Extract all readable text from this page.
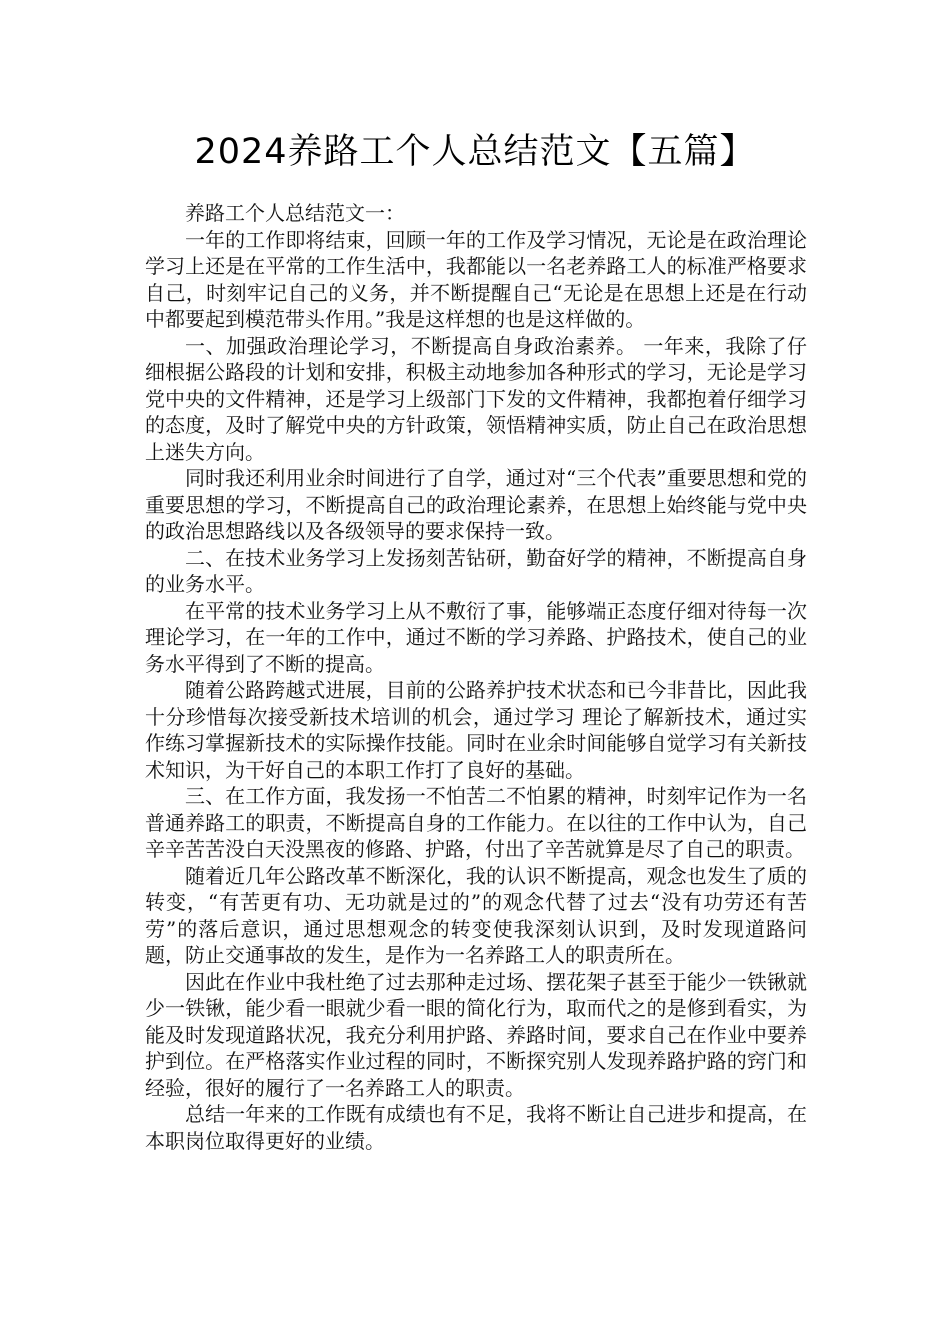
2024养路工个人总结范文【五篇】

养路工个人总结范文一：

一年的工作即将结束，回顾一年的工作及学习情况，无论是在政治理论学习上还是在平常的工作生活中，我都能以一名老养路工人的标准严格要求自己，时刻牢记自己的义务，并不断提醒自己“无论是在思想上还是在行动中都要起到模范带头作用。”我是这样想的也是这样做的。

一、加强政治理论学习，不断提高自身政治素养。 一年来，我除了仔细根据公路段的计划和安排，积极主动地参加各种形式的学习，无论是学习党中央的文件精神，还是学习上级部门下发的文件精神，我都抱着仔细学习的态度，及时了解党中央的方针政策，领悟精神实质，防止自己在政治思想上迷失方向。

同时我还利用业余时间进行了自学，通过对“三个代表”重要思想和党的重要思想的学习，不断提高自己的政治理论素养，在思想上始终能与党中央的政治思想路线以及各级领导的要求保持一致。

二、在技术业务学习上发扬刻苦钻研，勤奋好学的精神，不断提高自身的业务水平。

在平常的技术业务学习上从不敷衍了事，能够端正态度仔细对待每一次理论学习，在一年的工作中，通过不断的学习养路、护路技术，使自己的业务水平得到了不断的提高。

随着公路跨越式进展，目前的公路养护技术状态和已今非昔比，因此我十分珍惜每次接受新技术培训的机会，通过学习 理论了解新技术，通过实作练习掌握新技术的实际操作技能。同时在业余时间能够自觉学习有关新技术知识，为干好自己的本职工作打了良好的基础。

三、在工作方面，我发扬一不怕苦二不怕累的精神，时刻牢记作为一名普通养路工的职责，不断提高自身的工作能力。在以往的工作中认为，自己辛辛苦苦没白天没黑夜的修路、护路，付出了辛苦就算是尽了自己的职责。

随着近几年公路改革不断深化，我的认识不断提高，观念也发生了质的转变，“有苦更有功、无功就是过的”的观念代替了过去“没有功劳还有苦劳”的落后意识，通过思想观念的转变使我深刻认识到，及时发现道路问题，防止交通事故的发生，是作为一名养路工人的职责所在。

因此在作业中我杜绝了过去那种走过场、摆花架子甚至于能少一铁锹就少一铁锹，能少看一眼就少看一眼的简化行为，取而代之的是修到看实，为能及时发现道路状况，我充分利用护路、养路时间，要求自己在作业中要养护到位。在严格落实作业过程的同时，不断探究别人发现养路护路的窍门和经验，很好的履行了一名养路工人的职责。

总结一年来的工作既有成绩也有不足，我将不断让自己进步和提高，在本职岗位取得更好的业绩。
